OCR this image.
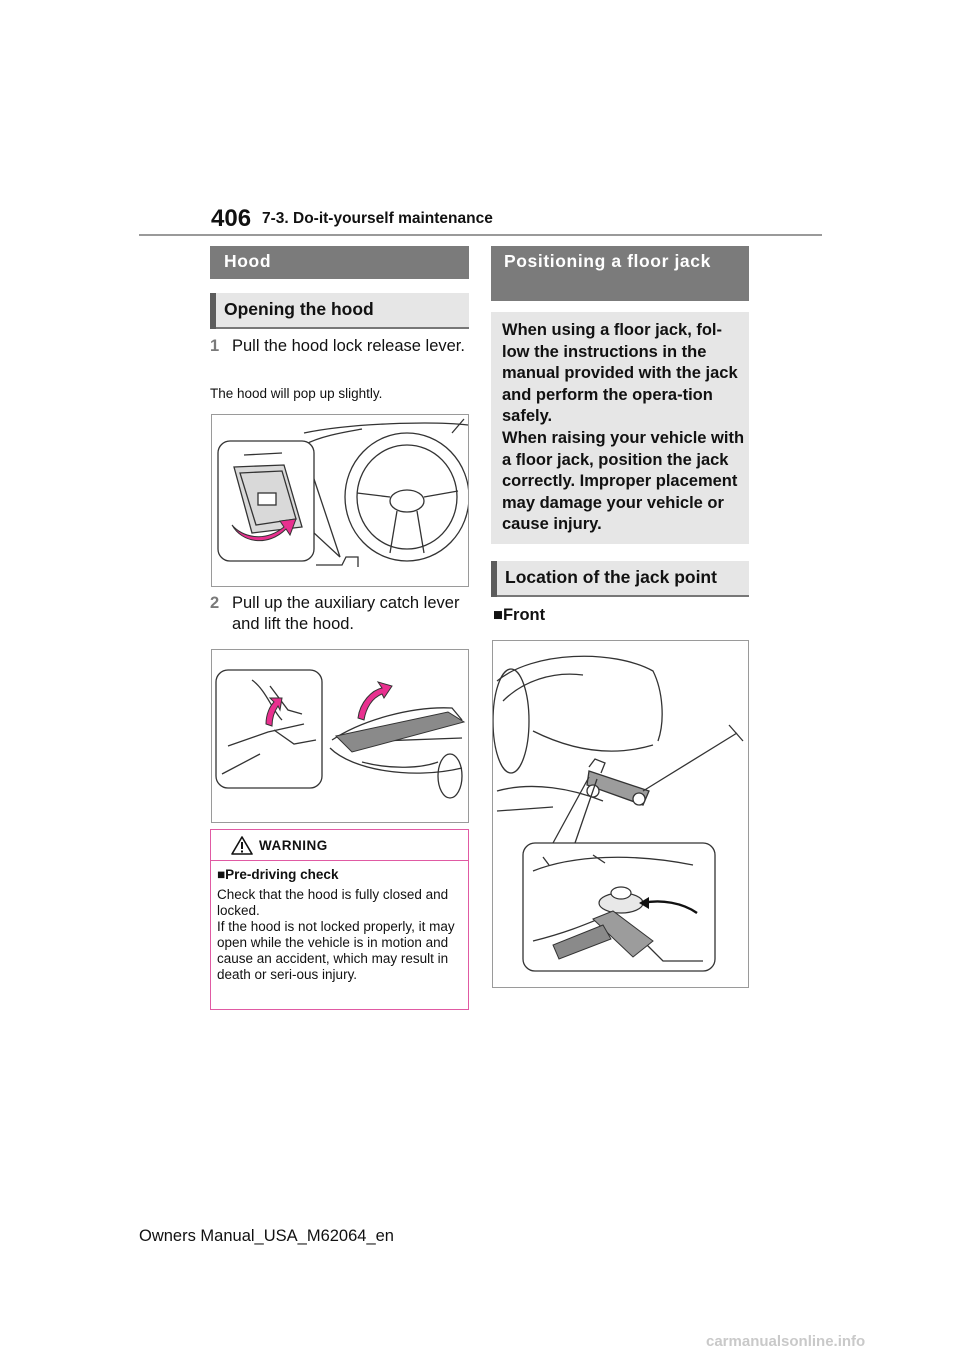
406 7-3. Do-it-yourself maintenance
Hood
Opening the hood
1 Pull the hood lock release lever.
The hood will pop up slightly.
2 Pull up the auxiliary catch lever and lift the hood.
WARNING
■Pre-driving check
Check that the hood is fully closed and locked.
If the hood is not locked properly, it may open while the vehicle is in motion and cause an accident, which may result in death or seri-ous injury.
Positioning a floor jack
When using a floor jack, fol-low the instructions in the manual provided with the jack and perform the opera-tion safely.
When raising your vehicle with a floor jack, position the jack correctly. Improper placement may damage your vehicle or cause injury.
Location of the jack point
■Front
Owners Manual_USA_M62064_en
carmanualsonline.info
